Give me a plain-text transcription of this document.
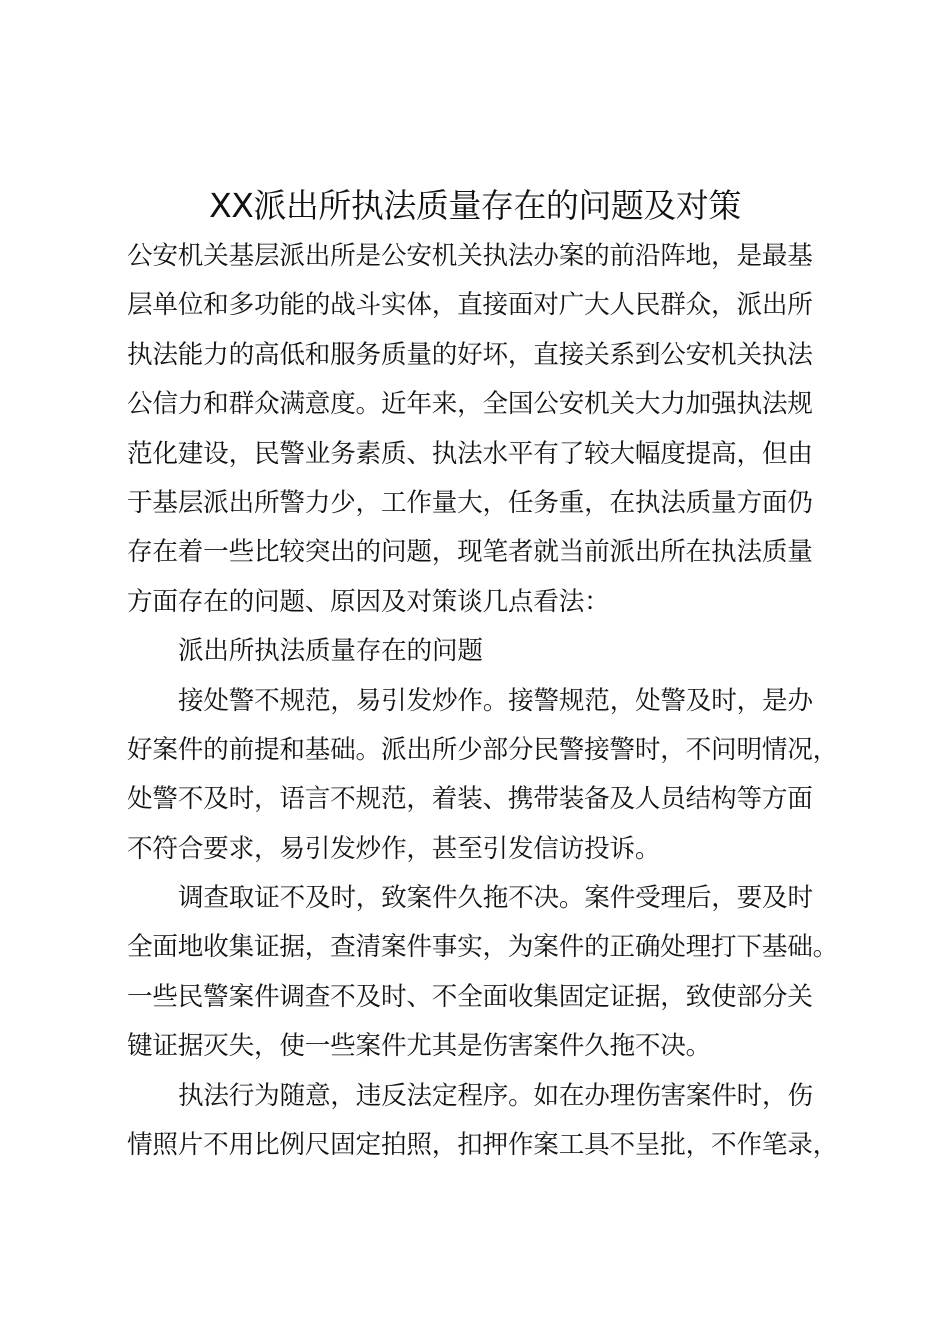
XX派出所执法质量存在的问题及对策
公安机关基层派出所是公安机关执法办案的前沿阵地，是最基
层单位和多功能的战斗实体，直接面对广大人民群众，派出所
执法能力的高低和服务质量的好坏，直接关系到公安机关执法
公信力和群众满意度。近年来，全国公安机关大力加强执法规
范化建设，民警业务素质、执法水平有了较大幅度提高，但由
于基层派出所警力少，工作量大，任务重，在执法质量方面仍
存在着一些比较突出的问题，现笔者就当前派出所在执法质量
方面存在的问题、原因及对策谈几点看法：
派出所执法质量存在的问题
接处警不规范，易引发炒作。接警规范，处警及时，是办
好案件的前提和基础。派出所少部分民警接警时，不问明情况，
处警不及时，语言不规范，着装、携带装备及人员结构等方面
不符合要求，易引发炒作，甚至引发信访投诉。
调查取证不及时，致案件久拖不决。案件受理后，要及时
全面地收集证据，查清案件事实，为案件的正确处理打下基础。
一些民警案件调查不及时、不全面收集固定证据，致使部分关
键证据灭失，使一些案件尤其是伤害案件久拖不决。
执法行为随意，违反法定程序。如在办理伤害案件时，伤
情照片不用比例尺固定拍照，扣押作案工具不呈批，不作笔录，
